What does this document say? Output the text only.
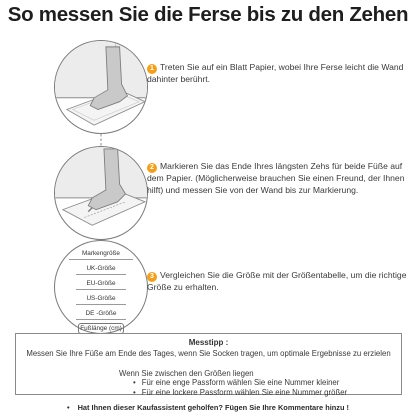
So messen Sie die Ferse bis zu den Zehen
1 Treten Sie auf ein Blatt Papier, wobei Ihre Ferse leicht die Wand dahinter berührt.
2 Markieren Sie das Ende Ihres längsten Zehs für beide Füße auf dem Papier. (Möglicherweise brauchen Sie einen Freund, der Ihnen hilft) und messen Sie von der Wand bis zur Markierung.
Markengröße
UK-Größe
EU-Größe
US-Größe
DE -Größe
Fußlänge (cm)
3 Vergleichen Sie die Größe mit der Größentabelle, um die richtige Größe zu erhalten.
Messtipp :
Messen Sie Ihre Füße am Ende des Tages, wenn Sie Socken tragen, um optimale Ergebnisse zu erzielen
Wenn Sie zwischen den Größen liegen
• Für eine enge Passform wählen Sie eine Nummer kleiner
• Für eine lockere Passform wählen Sie eine Nummer größer
• Hat Ihnen dieser Kaufassistent geholfen? Fügen Sie Ihre Kommentare hinzu !
